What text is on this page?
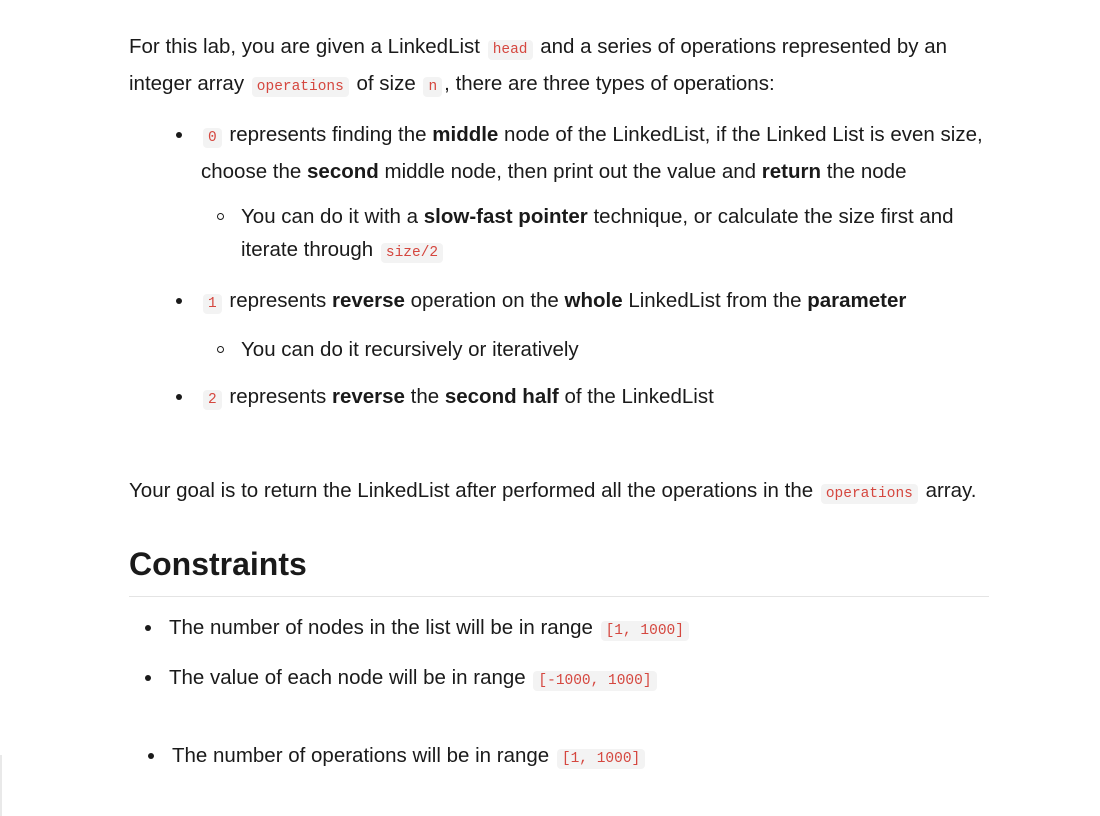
For this lab, you are given a LinkedList head and a series of operations represented by an integer array operations of size n , there are three types of operations:

0 represents finding the middle node of the LinkedList, if the Linked List is even size, choose the second middle node, then print out the value and return the node
You can do it with a slow-fast pointer technique, or calculate the size first and iterate through size/2
1 represents reverse operation on the whole LinkedList from the parameter
You can do it recursively or iteratively
2 represents reverse the second half of the LinkedList

Your goal is to return the LinkedList after performed all the operations in the operations array.

Constraints
The number of nodes in the list will be in range [1, 1000]
The value of each node will be in range [-1000, 1000]
The number of operations will be in range [1, 1000]
